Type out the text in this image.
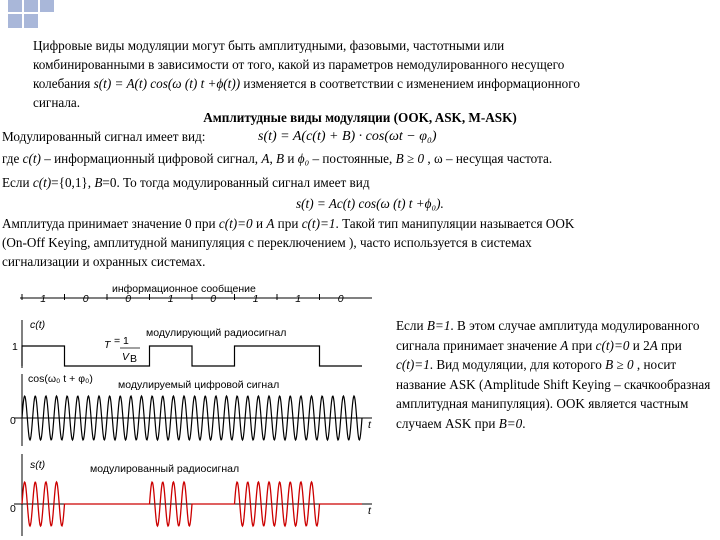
Цифровые виды модуляции могут быть амплитудными, фазовыми, частотными или
комбинированными в зависимости от того, какой из параметров немодулированного несущего
колебания s(t) = A(t) cos(ω (t) t +ϕ(t)) изменяется в соответствии с изменением информационного
сигнала.
Амплитудные виды модуляции (OOK, ASK, M-ASK)
Модулированный сигнал имеет вид:	s(t) = A(c(t) + B) · cos(ωt − φ₀)
где c(t) – информационный цифровой сигнал, A, B и ϕ₀ – постоянные, B ≥ 0 , ω – несущая частота.
Если c(t)={0,1}, B=0. То тогда модулированный сигнал имеет вид
s(t) = Ac(t) cos(ω (t) t +ϕ₀).
Амплитуда принимает значение 0 при c(t)=0 и A при c(t)=1. Такой тип манипуляции называется OOK
(On-Off Keying, амплитудной манипуляция с переключением ), часто используется в системах
сигнализации и охранных системах.
информационное сообщение
1	0	0	1	0	1	1	0
c(t)
1
модулирующий радиосигнал
T = 1
V B
cos(ω₀ t + φ₀) модулируемый цифровой сигнал
0	t
s(t)	модулированный радиосигнал
0	t

Если B=1. В этом случае амплитуда модулированного сигнала принимает значение A при c(t)=0 и 2A при c(t)=1. Вид модуляции, для которого B ≥ 0 , носит название ASK (Amplitude Shift Keying – скачкообразная амплитудная манипуляция). OOK является частным случаем ASK при B=0.
